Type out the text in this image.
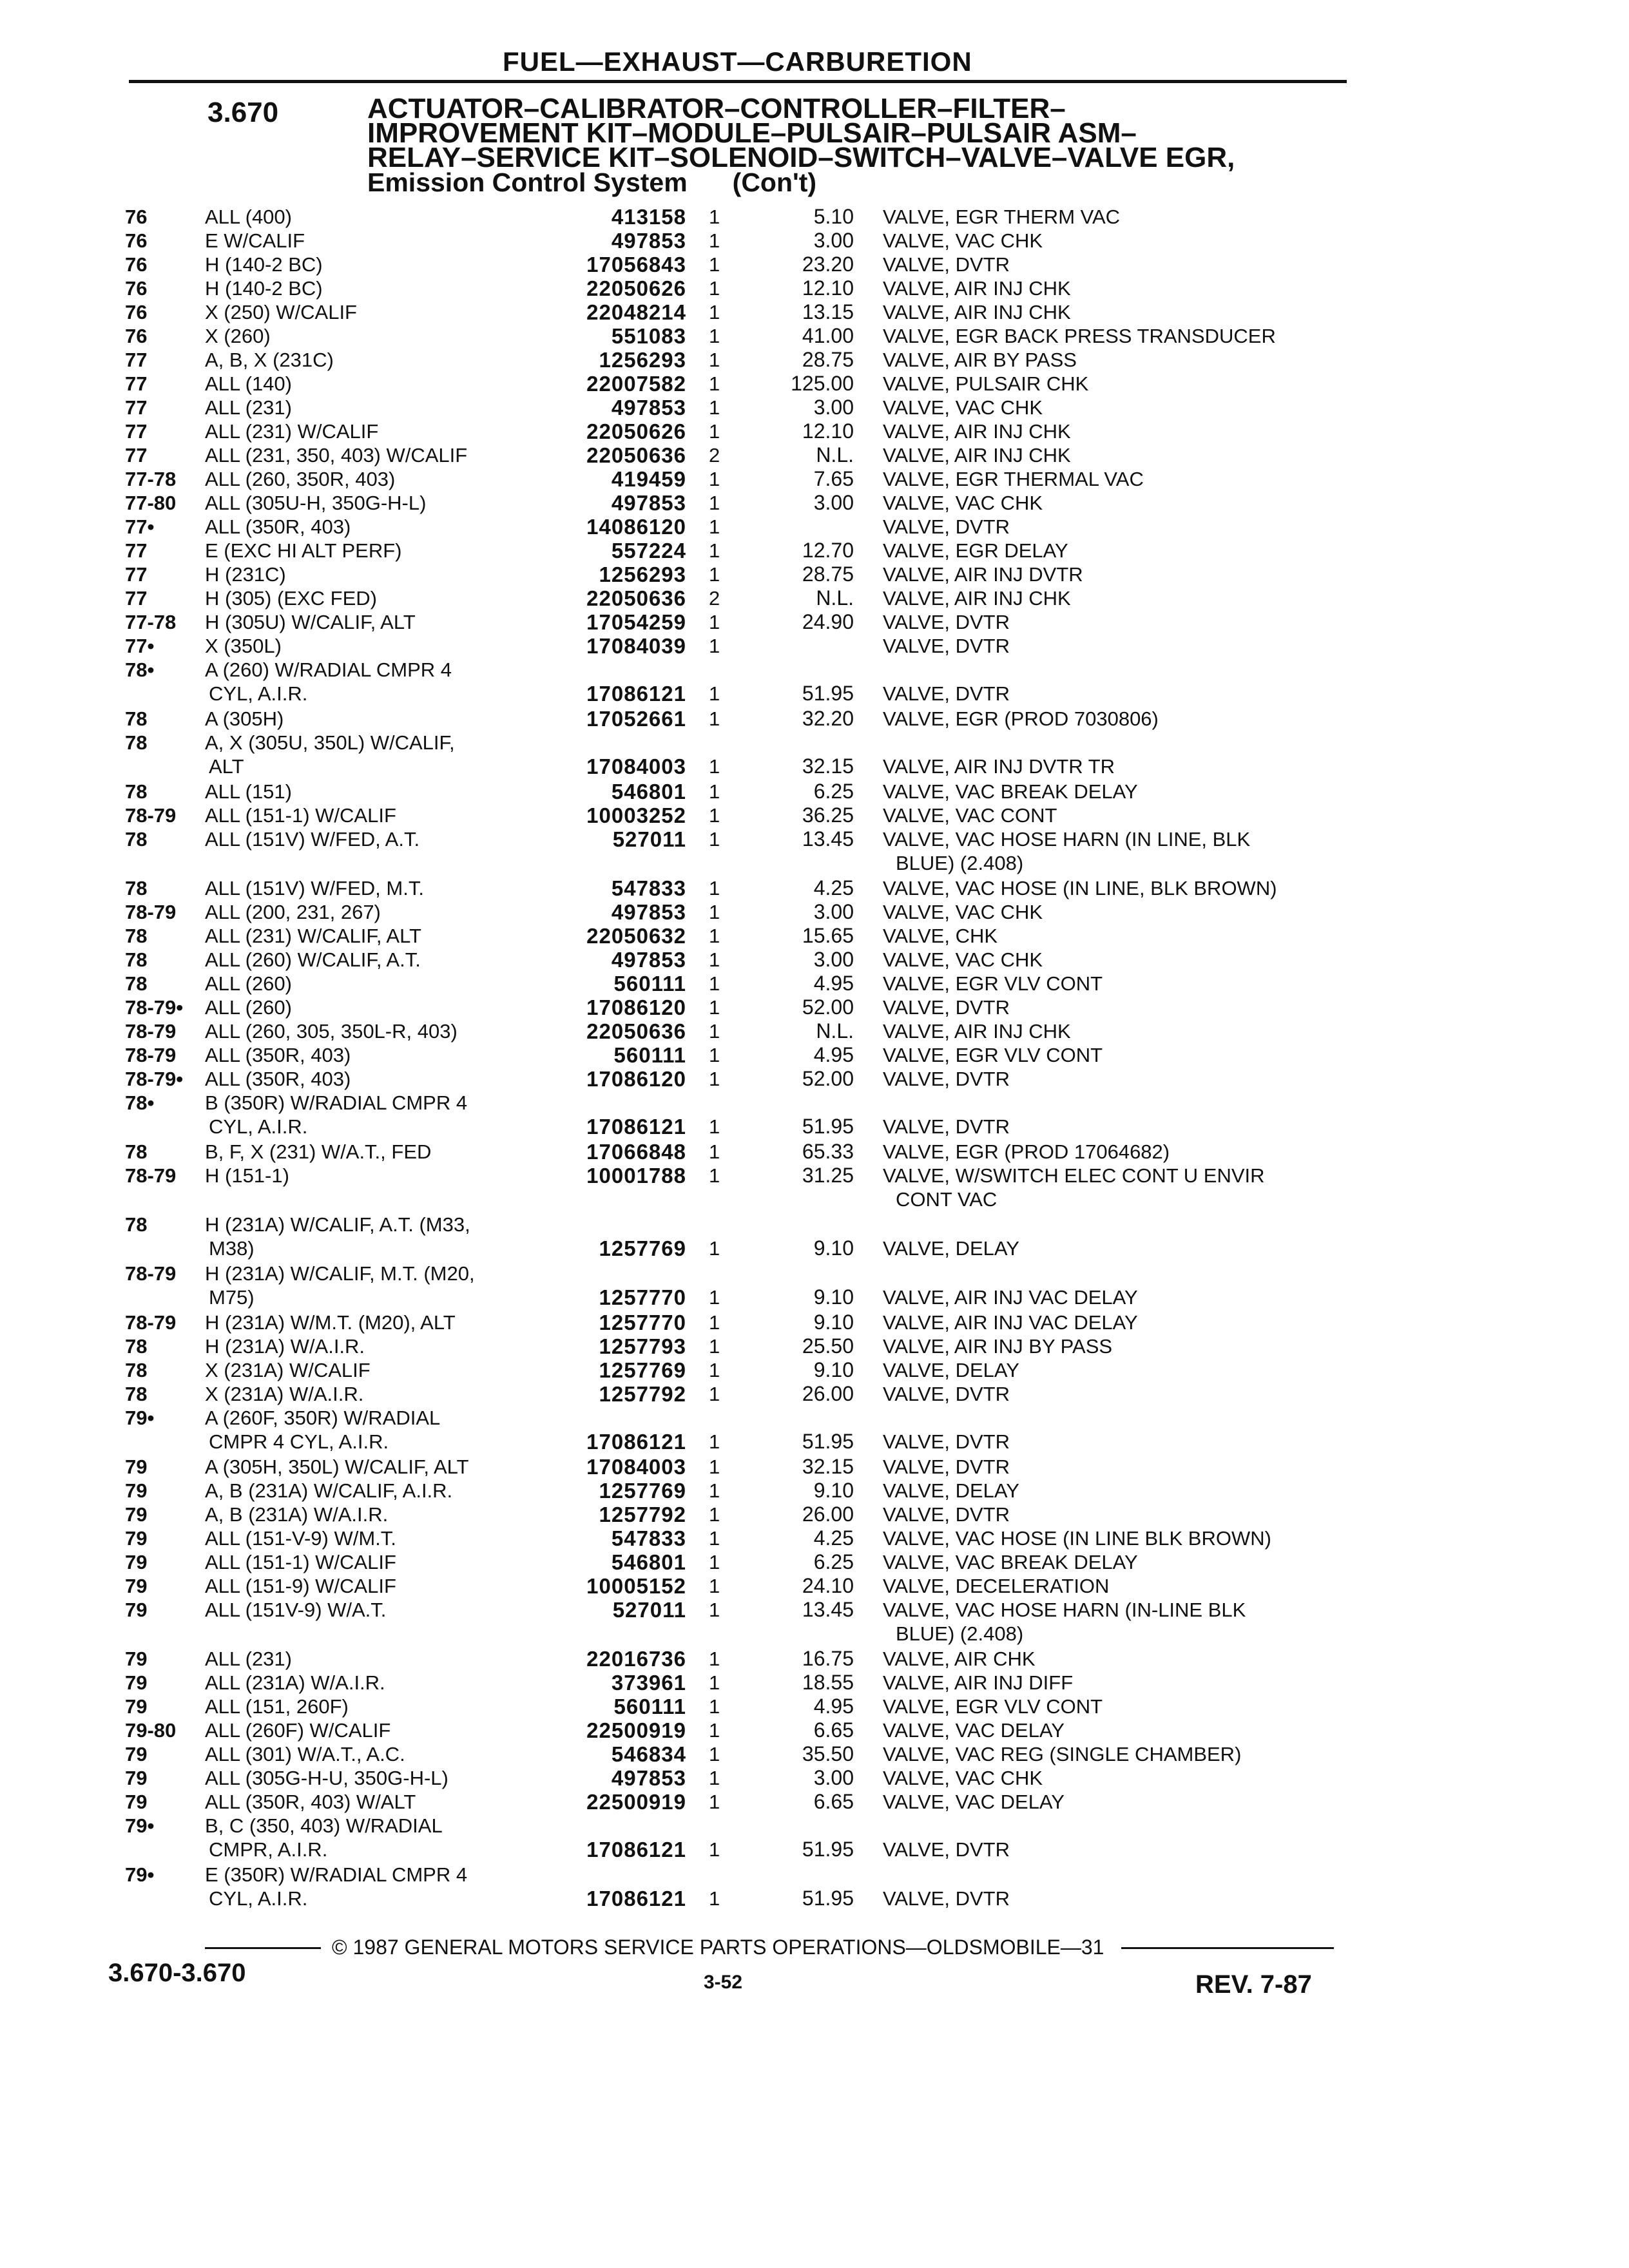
FUEL—EXHAUST—CARBURETION
3.670	ACTUATOR–CALIBRATOR–CONTROLLER–FILTER–
IMPROVEMENT KIT–MODULE–PULSAIR–PULSAIR ASM–
RELAY–SERVICE KIT–SOLENOID–SWITCH–VALVE–VALVE EGR,
Emission Control System (Con't)
76	ALL (400)	413158 1	5.10 VALVE, EGR THERM VAC
76	E W/CALIF	497853 1	3.00 VALVE, VAC CHK
76	H (140-2 BC)	17056843 1	23.20 VALVE, DVTR
76	H (140-2 BC)	22050626 1	12.10 VALVE, AIR INJ CHK
76	X (250) W/CALIF	22048214 1	13.15 VALVE, AIR INJ CHK
76	X (260)	551083 1	41.00 VALVE, EGR BACK PRESS TRANSDUCER
77	A, B, X (231C)	1256293 1	28.75 VALVE, AIR BY PASS
77	ALL (140)	22007582 1	125.00 VALVE, PULSAIR CHK
77	ALL (231)	497853 1	3.00 VALVE, VAC CHK
77	ALL (231) W/CALIF	22050626 1	12.10 VALVE, AIR INJ CHK
77	ALL (231, 350, 403) W/CALIF	22050636 2	N.L. VALVE, AIR INJ CHK
77-78 ALL (260, 350R, 403)	419459 1	7.65 VALVE, EGR THERMAL VAC
77-80 ALL (305U-H, 350G-H-L)	497853 1	3.00 VALVE, VAC CHK
77•	ALL (350R, 403)	14086120 1	VALVE, DVTR
77	E (EXC HI ALT PERF)	557224 1	12.70 VALVE, EGR DELAY
77	H (231C)	1256293 1	28.75 VALVE, AIR INJ DVTR
77	H (305) (EXC FED)	22050636 2	N.L. VALVE, AIR INJ CHK
77-78 H (305U) W/CALIF, ALT	17054259 1	24.90 VALVE, DVTR
77•	X (350L)	17084039 1	VALVE, DVTR
78•	A (260) W/RADIAL CMPR 4
CYL, A.I.R.	17086121 1	51.95 VALVE, DVTR
78	A (305H)	17052661 1	32.20 VALVE, EGR (PROD 7030806)
78	A, X (305U, 350L) W/CALIF,
ALT	17084003 1	32.15 VALVE, AIR INJ DVTR TR
78	ALL (151)	546801 1	6.25 VALVE, VAC BREAK DELAY
78-79 ALL (151-1) W/CALIF	10003252 1	36.25 VALVE, VAC CONT
78	ALL (151V) W/FED, A.T.	527011 1	13.45 VALVE, VAC HOSE HARN (IN LINE, BLK
BLUE) (2.408)
78	ALL (151V) W/FED, M.T.	547833 1	4.25 VALVE, VAC HOSE (IN LINE, BLK BROWN)
78-79 ALL (200, 231, 267)	497853 1	3.00 VALVE, VAC CHK
78	ALL (231) W/CALIF, ALT	22050632 1	15.65 VALVE, CHK
78	ALL (260) W/CALIF, A.T.	497853 1	3.00 VALVE, VAC CHK
78	ALL (260)	560111 1	4.95 VALVE, EGR VLV CONT
78-79• ALL (260)	17086120 1	52.00 VALVE, DVTR
78-79 ALL (260, 305, 350L-R, 403)	22050636 1	N.L. VALVE, AIR INJ CHK
78-79 ALL (350R, 403)	560111 1	4.95 VALVE, EGR VLV CONT
78-79• ALL (350R, 403)	17086120 1	52.00 VALVE, DVTR
78•	B (350R) W/RADIAL CMPR 4
CYL, A.I.R.	17086121 1	51.95 VALVE, DVTR
78	B, F, X (231) W/A.T., FED	17066848 1	65.33 VALVE, EGR (PROD 17064682)
78-79 H (151-1)	10001788 1	31.25 VALVE, W/SWITCH ELEC CONT U ENVIR
CONT VAC
78	H (231A) W/CALIF, A.T. (M33,
M38)	1257769 1	9.10 VALVE, DELAY
78-79 H (231A) W/CALIF, M.T. (M20,
M75)	1257770 1	9.10 VALVE, AIR INJ VAC DELAY
78-79 H (231A) W/M.T. (M20), ALT	1257770 1	9.10 VALVE, AIR INJ VAC DELAY
78	H (231A) W/A.I.R.	1257793 1	25.50 VALVE, AIR INJ BY PASS
78	X (231A) W/CALIF	1257769 1	9.10 VALVE, DELAY
78	X (231A) W/A.I.R.	1257792 1	26.00 VALVE, DVTR
79•	A (260F, 350R) W/RADIAL
CMPR 4 CYL, A.I.R.	17086121 1	51.95 VALVE, DVTR
79	A (305H, 350L) W/CALIF, ALT	17084003 1	32.15 VALVE, DVTR
79	A, B (231A) W/CALIF, A.I.R.	1257769 1	9.10 VALVE, DELAY
79	A, B (231A) W/A.I.R.	1257792 1	26.00 VALVE, DVTR
79	ALL (151-V-9) W/M.T.	547833 1	4.25 VALVE, VAC HOSE (IN LINE BLK BROWN)
79	ALL (151-1) W/CALIF	546801 1	6.25 VALVE, VAC BREAK DELAY
79	ALL (151-9) W/CALIF	10005152 1	24.10 VALVE, DECELERATION
79	ALL (151V-9) W/A.T.	527011 1	13.45 VALVE, VAC HOSE HARN (IN-LINE BLK
BLUE) (2.408)
79	ALL (231)	22016736 1	16.75 VALVE, AIR CHK
79	ALL (231A) W/A.I.R.	373961 1	18.55 VALVE, AIR INJ DIFF
79	ALL (151, 260F)	560111 1	4.95 VALVE, EGR VLV CONT
79-80 ALL (260F) W/CALIF	22500919 1	6.65 VALVE, VAC DELAY
79	ALL (301) W/A.T., A.C.	546834 1	35.50 VALVE, VAC REG (SINGLE CHAMBER)
79	ALL (305G-H-U, 350G-H-L)	497853 1	3.00 VALVE, VAC CHK
79	ALL (350R, 403) W/ALT	22500919 1	6.65 VALVE, VAC DELAY
79•	B, C (350, 403) W/RADIAL
CMPR, A.I.R.	17086121 1	51.95 VALVE, DVTR
79•	E (350R) W/RADIAL CMPR 4
CYL, A.I.R.	17086121 1	51.95 VALVE, DVTR
© 1987 GENERAL MOTORS SERVICE PARTS OPERATIONS—OLDSMOBILE—31
3.670-3.670	3-52	REV. 7-87
